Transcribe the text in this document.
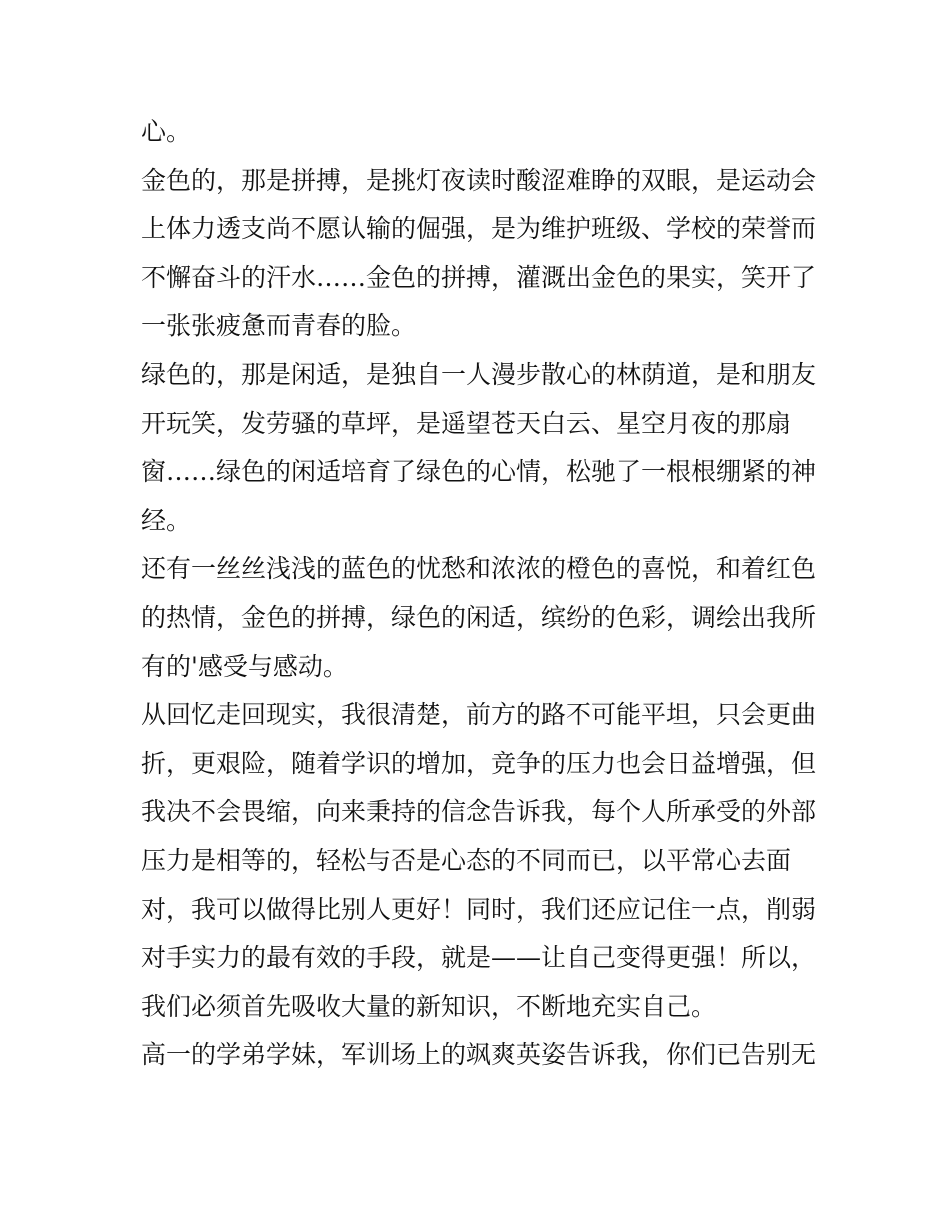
心。
金色的，那是拼搏，是挑灯夜读时酸涩难睁的双眼，是运动会
上体力透支尚不愿认输的倔强，是为维护班级、学校的荣誉而
不懈奋斗的汗水……金色的拼搏，灌溉出金色的果实，笑开了
一张张疲惫而青春的脸。
绿色的，那是闲适，是独自一人漫步散心的林荫道，是和朋友
开玩笑，发劳骚的草坪，是遥望苍天白云、星空月夜的那扇
窗……绿色的闲适培育了绿色的心情，松驰了一根根绷紧的神
经。
还有一丝丝浅浅的蓝色的忧愁和浓浓的橙色的喜悦，和着红色
的热情，金色的拼搏，绿色的闲适，缤纷的色彩，调绘出我所
有的'感受与感动。
从回忆走回现实，我很清楚，前方的路不可能平坦，只会更曲
折，更艰险，随着学识的增加，竞争的压力也会日益增强，但
我决不会畏缩，向来秉持的信念告诉我，每个人所承受的外部
压力是相等的，轻松与否是心态的不同而已，以平常心去面
对，我可以做得比别人更好！同时，我们还应记住一点，削弱
对手实力的最有效的手段，就是——让自己变得更强！所以，
我们必须首先吸收大量的新知识，不断地充实自己。
高一的学弟学妹，军训场上的飒爽英姿告诉我，你们已告别无
